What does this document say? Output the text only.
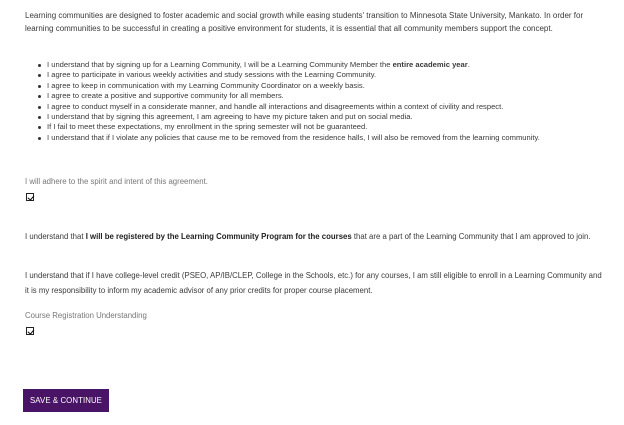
Learning communities are designed to foster academic and social growth while easing students' transition to Minnesota State University, Mankato. In order for learning communities to be successful in creating a positive environment for students, it is essential that all community members support the concept.

I understand that by signing up for a Learning Community, I will be a Learning Community Member the entire academic year.
I agree to participate in various weekly activities and study sessions with the Learning Community.
I agree to keep in communication with my Learning Community Coordinator on a weekly basis.
I agree to create a positive and supportive community for all members.
I agree to conduct myself in a considerate manner, and handle all interactions and disagreements within a context of civility and respect.
I understand that by signing this agreement, I am agreeing to have my picture taken and put on social media.
If I fail to meet these expectations, my enrollment in the spring semester will not be guaranteed.
I understand that if I violate any policies that cause me to be removed from the residence halls, I will also be removed from the learning community.
I will adhere to the spirit and intent of this agreement.

I understand that I will be registered by the Learning Community Program for the courses that are a part of the Learning Community that I am approved to join.

I understand that if I have college-level credit (PSEO, AP/IB/CLEP, College in the Schools, etc.) for any courses, I am still eligible to enroll in a Learning Community and it is my responsibility to inform my academic advisor of any prior credits for proper course placement.

Course Registration Understanding
SAVE & CONTINUE
